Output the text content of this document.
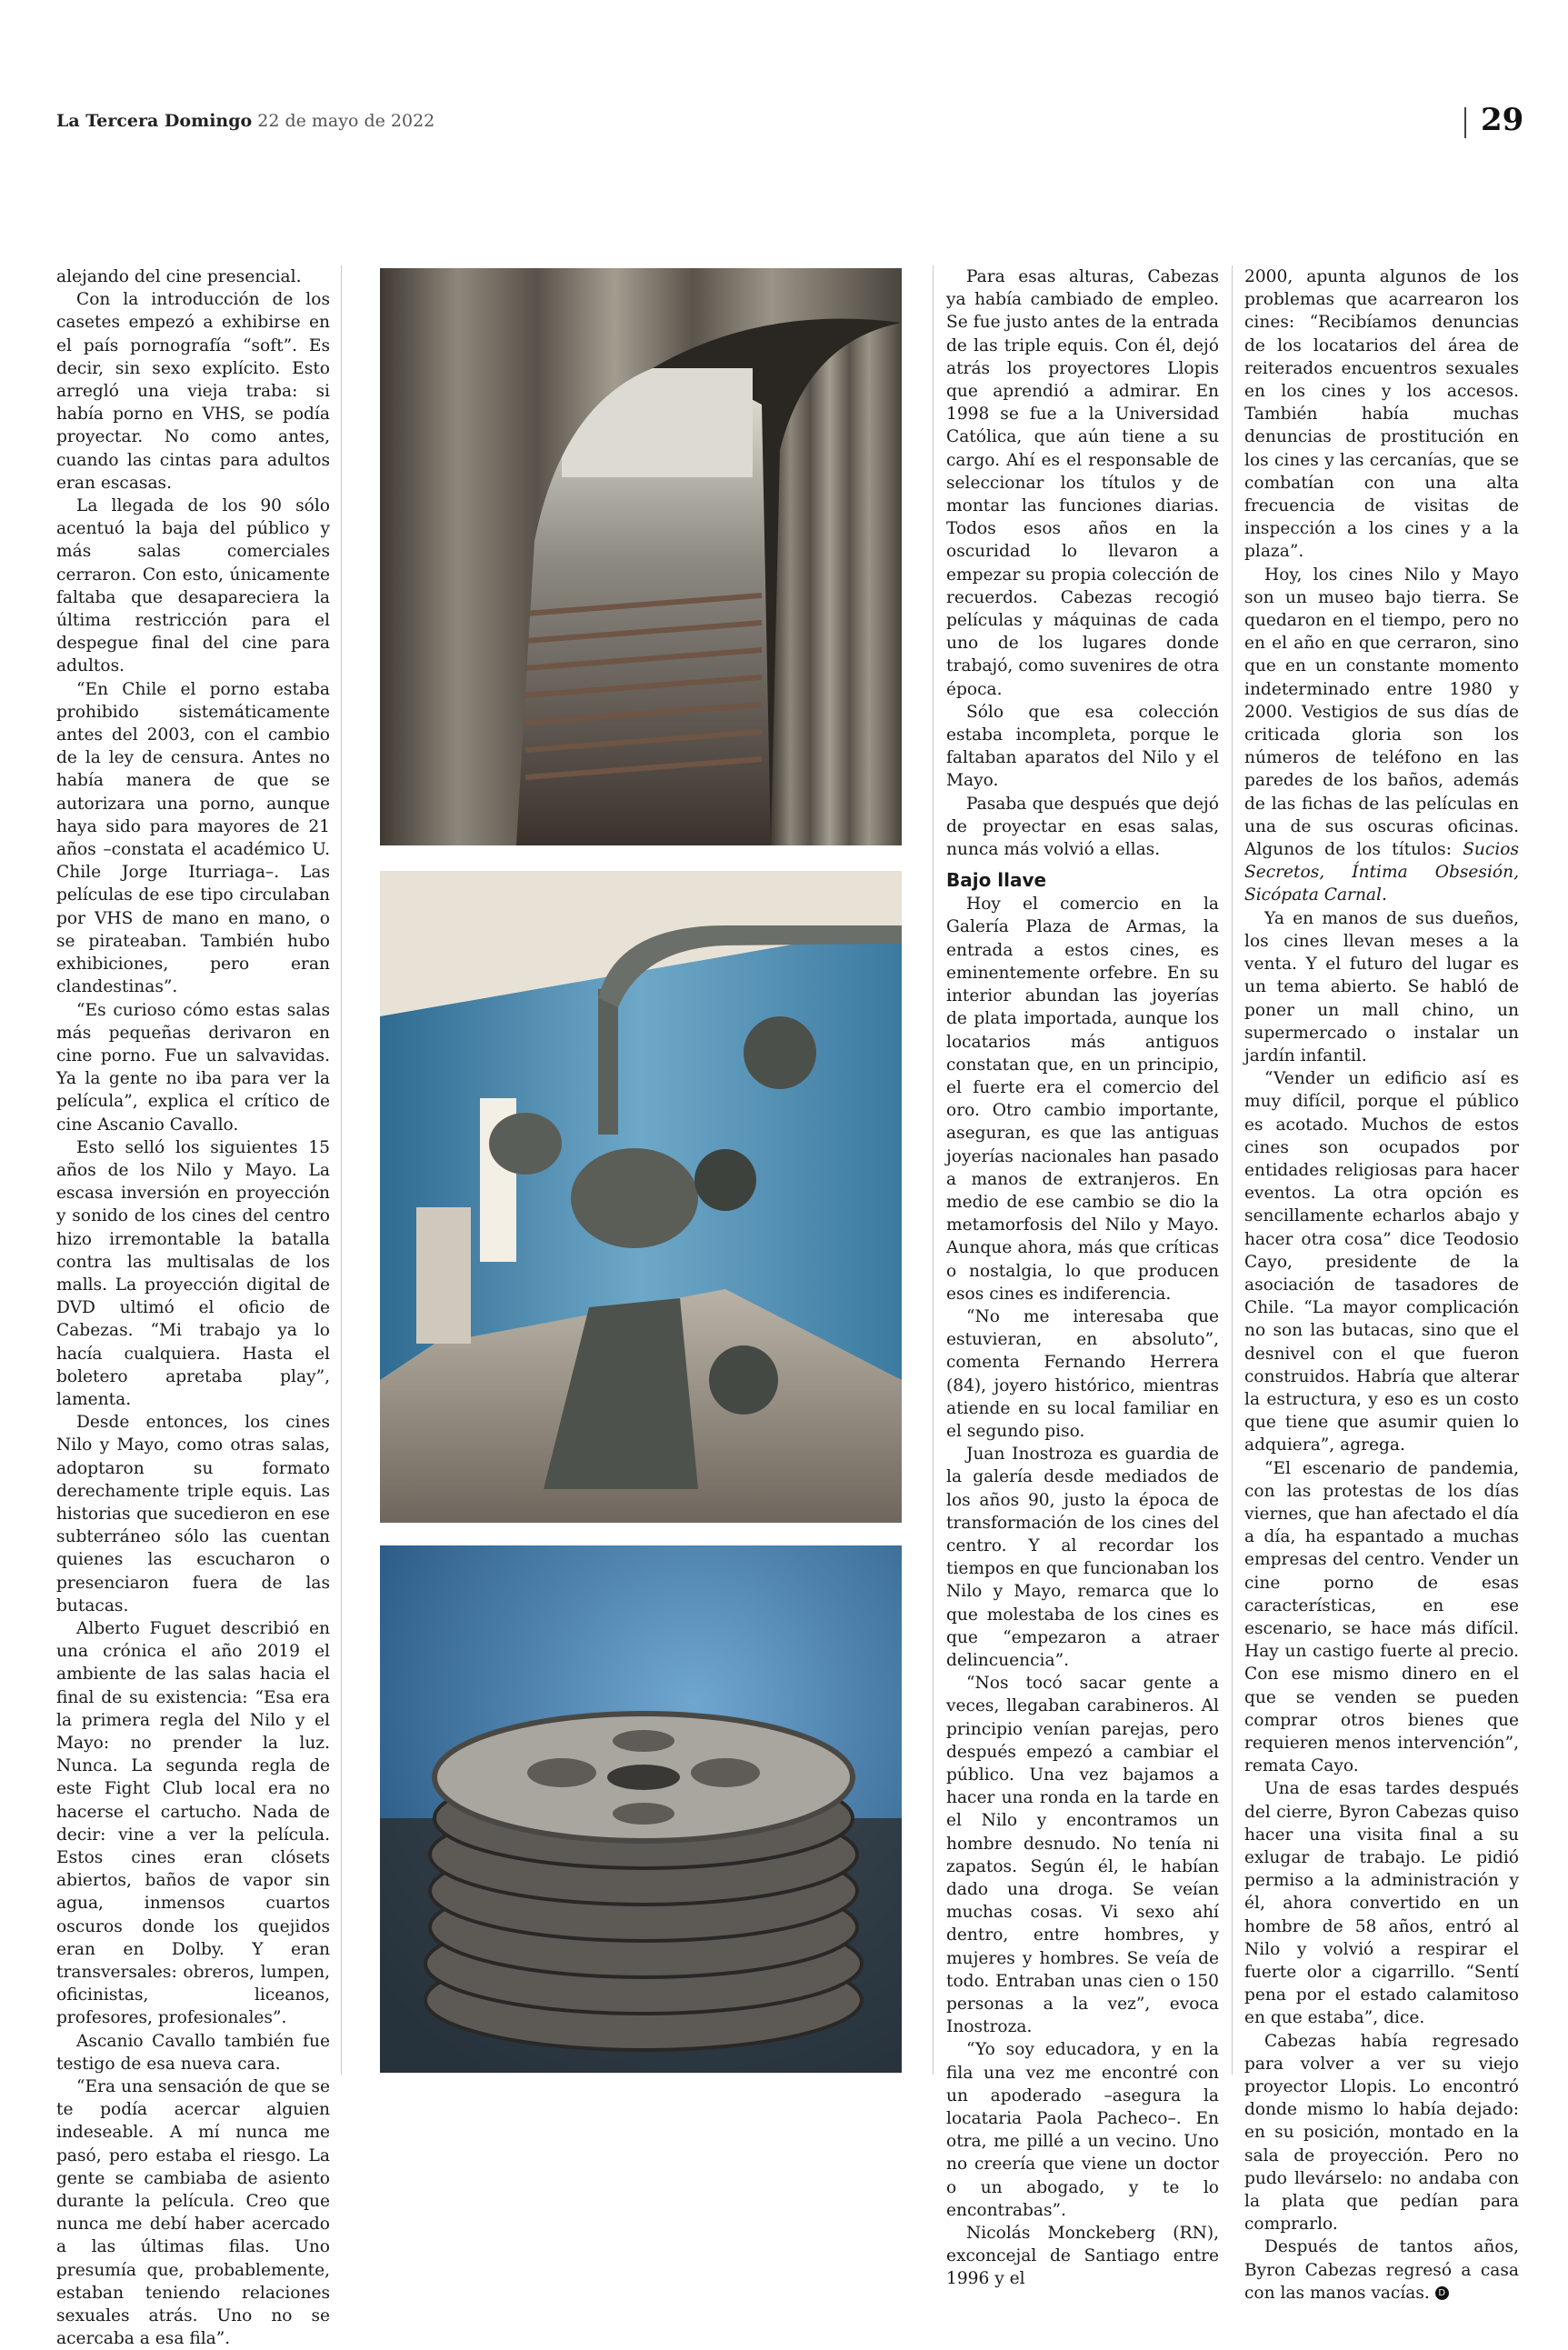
La Tercera Domingo 22 de mayo de 2022	29

alejando del cine presencial.

Con la introducción de los casetes empezó a exhibirse en el país pornografía “soft”. Es decir, sin sexo explícito. Esto arregló una vieja traba: si había porno en VHS, se podía proyectar. No como antes, cuando las cintas para adultos eran escasas.

La llegada de los 90 sólo acentuó la baja del público y más salas comerciales cerraron. Con esto, únicamente faltaba que desapareciera la última restricción para el despegue final del cine para adultos.

“En Chile el porno estaba prohibido sistemáticamente antes del 2003, con el cambio de la ley de censura. Antes no había manera de que se autorizara una porno, aunque haya sido para mayores de 21 años –constata el académico U. Chile Jorge Iturriaga–. Las películas de ese tipo circulaban por VHS de mano en mano, o se pirateaban. También hubo exhibiciones, pero eran clandestinas”.

“Es curioso cómo estas salas más pequeñas derivaron en cine porno. Fue un salvavidas. Ya la gente no iba para ver la película”, explica el crítico de cine Ascanio Cavallo.

Esto selló los siguientes 15 años de los Nilo y Mayo. La escasa inversión en proyección y sonido de los cines del centro hizo irremontable la batalla contra las multisalas de los malls. La proyección digital de DVD ultimó el oficio de Cabezas. “Mi trabajo ya lo hacía cualquiera. Hasta el boletero apretaba play”, lamenta.

Desde entonces, los cines Nilo y Mayo, como otras salas, adoptaron su formato derechamente triple equis. Las historias que sucedieron en ese subterráneo sólo las cuentan quienes las escucharon o presenciaron fuera de las butacas.

Alberto Fuguet describió en una crónica el año 2019 el ambiente de las salas hacia el final de su existencia: “Esa era la primera regla del Nilo y el Mayo: no prender la luz. Nunca. La segunda regla de este Fight Club local era no hacerse el cartucho. Nada de decir: vine a ver la película. Estos cines eran clósets abiertos, baños de vapor sin agua, inmensos cuartos oscuros donde los quejidos eran en Dolby. Y eran transversales: obreros, lumpen, oficinistas, liceanos, profesores, profesionales”.

Ascanio Cavallo también fue testigo de esa nueva cara.

“Era una sensación de que se te podía acercar alguien indeseable. A mí nunca me pasó, pero estaba el riesgo. La gente se cambiaba de asiento durante la película. Creo que nunca me debí haber acercado a las últimas filas. Uno presumía que, probablemente, estaban teniendo relaciones sexuales atrás. Uno no se acercaba a esa fila”.

Para esas alturas, Cabezas ya había cambiado de empleo. Se fue justo antes de la entrada de las triple equis. Con él, dejó atrás los proyectores Llopis que aprendió a admirar. En 1998 se fue a la Universidad Católica, que aún tiene a su cargo. Ahí es el responsable de seleccionar los títulos y de montar las funciones diarias. Todos esos años en la oscuridad lo llevaron a empezar su propia colección de recuerdos. Cabezas recogió películas y máquinas de cada uno de los lugares donde trabajó, como suvenires de otra época.

Sólo que esa colección estaba incompleta, porque le faltaban aparatos del Nilo y el Mayo.

Pasaba que después que dejó de proyectar en esas salas, nunca más volvió a ellas.

Bajo llave

Hoy el comercio en la Galería Plaza de Armas, la entrada a estos cines, es eminentemente orfebre. En su interior abundan las joyerías de plata importada, aunque los locatarios más antiguos constatan que, en un principio, el fuerte era el comercio del oro. Otro cambio importante, aseguran, es que las antiguas joyerías nacionales han pasado a manos de extranjeros. En medio de ese cambio se dio la metamorfosis del Nilo y Mayo. Aunque ahora, más que críticas o nostalgia, lo que producen esos cines es indiferencia.

“No me interesaba que estuvieran, en absoluto”, comenta Fernando Herrera (84), joyero histórico, mientras atiende en su local familiar en el segundo piso.

Juan Inostroza es guardia de la galería desde mediados de los años 90, justo la época de transformación de los cines del centro. Y al recordar los tiempos en que funcionaban los Nilo y Mayo, remarca que lo que molestaba de los cines es que “empezaron a atraer delincuencia”.

“Nos tocó sacar gente a veces, llegaban carabineros. Al principio venían parejas, pero después empezó a cambiar el público. Una vez bajamos a hacer una ronda en la tarde en el Nilo y encontramos un hombre desnudo. No tenía ni zapatos. Según él, le habían dado una droga. Se veían muchas cosas. Vi sexo ahí dentro, entre hombres, y mujeres y hombres. Se veía de todo. Entraban unas cien o 150 personas a la vez”, evoca Inostroza.

“Yo soy educadora, y en la fila una vez me encontré con un apoderado –asegura la locataria Paola Pacheco–. En otra, me pillé a un vecino. Uno no creería que viene un doctor o un abogado, y te lo encontrabas”.

Nicolás Monckeberg (RN), exconcejal de Santiago entre 1996 y el

2000, apunta algunos de los problemas que acarrearon los cines: “Recibíamos denuncias de los locatarios del área de reiterados encuentros sexuales en los cines y los accesos. También había muchas denuncias de prostitución en los cines y las cercanías, que se combatían con una alta frecuencia de visitas de inspección a los cines y a la plaza”.

Hoy, los cines Nilo y Mayo son un museo bajo tierra. Se quedaron en el tiempo, pero no en el año en que cerraron, sino que en un constante momento indeterminado entre 1980 y 2000. Vestigios de sus días de criticada gloria son los números de teléfono en las paredes de los baños, además de las fichas de las películas en una de sus oscuras oficinas. Algunos de los títulos: Sucios Secretos, Íntima Obsesión, Sicópata Carnal.

Ya en manos de sus dueños, los cines llevan meses a la venta. Y el futuro del lugar es un tema abierto. Se habló de poner un mall chino, un supermercado o instalar un jardín infantil.

“Vender un edificio así es muy difícil, porque el público es acotado. Muchos de estos cines son ocupados por entidades religiosas para hacer eventos. La otra opción es sencillamente echarlos abajo y hacer otra cosa” dice Teodosio Cayo, presidente de la asociación de tasadores de Chile. “La mayor complicación no son las butacas, sino que el desnivel con el que fueron construidos. Habría que alterar la estructura, y eso es un costo que tiene que asumir quien lo adquiera”, agrega.

“El escenario de pandemia, con las protestas de los días viernes, que han afectado el día a día, ha espantado a muchas empresas del centro. Vender un cine porno de esas características, en ese escenario, se hace más difícil. Hay un castigo fuerte al precio. Con ese mismo dinero en el que se venden se pueden comprar otros bienes que requieren menos intervención”, remata Cayo.

Una de esas tardes después del cierre, Byron Cabezas quiso hacer una visita final a su exlugar de trabajo. Le pidió permiso a la administración y él, ahora convertido en un hombre de 58 años, entró al Nilo y volvió a respirar el fuerte olor a cigarrillo. “Sentí pena por el estado calamitoso en que estaba”, dice.

Cabezas había regresado para volver a ver su viejo proyector Llopis. Lo encontró donde mismo lo había dejado: en su posición, montado en la sala de proyección. Pero no pudo llevárselo: no andaba con la plata que pedían para comprarlo.

Después de tantos años, Byron Cabezas regresó a casa con las manos vacías. D
